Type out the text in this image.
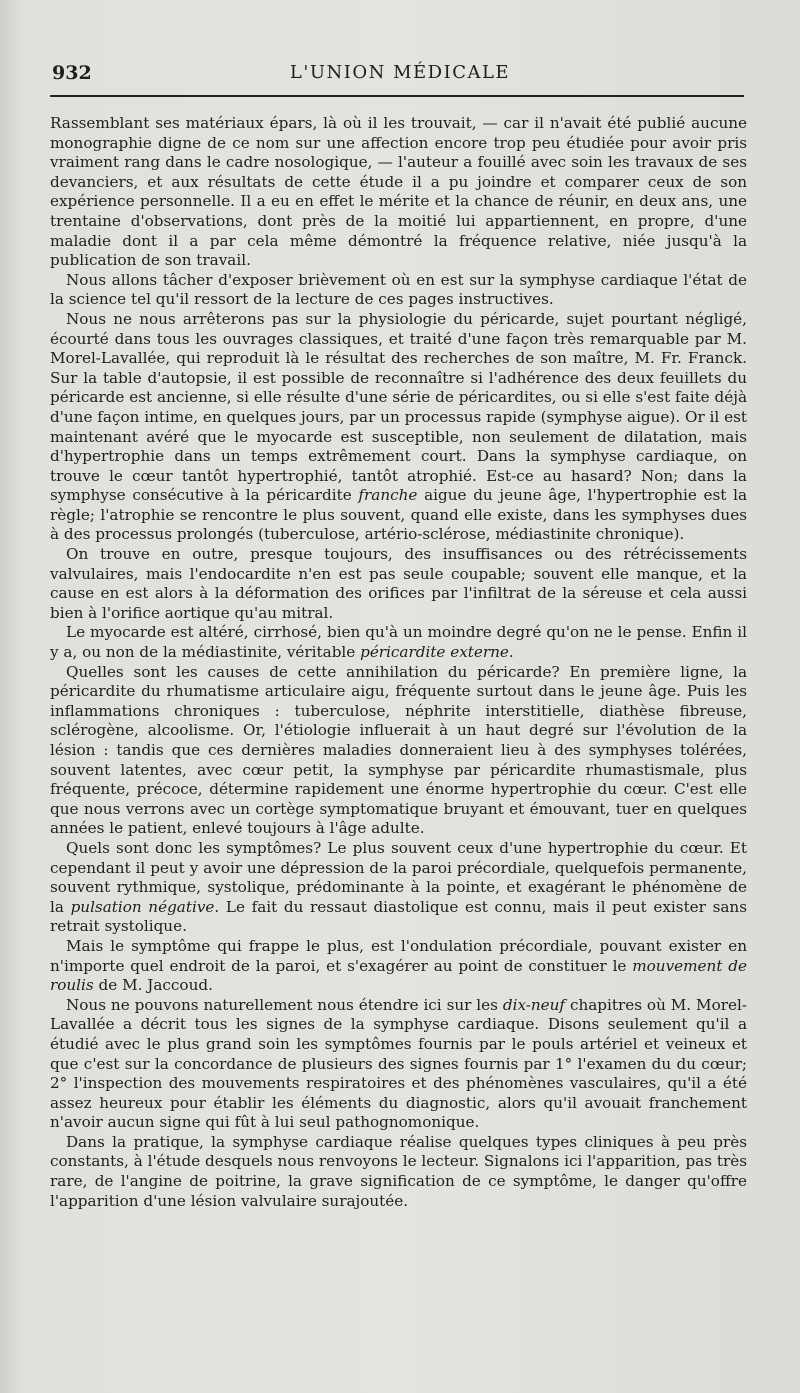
932	L'UNION MÉDICALE

Rassemblant ses matériaux épars, là où il les trouvait, — car il n'avait été publié aucune monographie digne de ce nom sur une affection encore trop peu étudiée pour avoir pris vraiment rang dans le cadre nosologique, — l'auteur a fouillé avec soin les travaux de ses devanciers, et aux résultats de cette étude il a pu joindre et comparer ceux de son expérience personnelle. Il a eu en effet le mérite et la chance de réunir, en deux ans, une trentaine d'observations, dont près de la moitié lui appartiennent, en propre, d'une maladie dont il a par cela même démontré la fréquence relative, niée jusqu'à la publication de son travail.

Nous allons tâcher d'exposer brièvement où en est sur la symphyse cardiaque l'état de la science tel qu'il ressort de la lecture de ces pages instructives.

Nous ne nous arrêterons pas sur la physiologie du péricarde, sujet pourtant négligé, écourté dans tous les ouvrages classiques, et traité d'une façon très remarquable par M. Morel-Lavallée, qui reproduit là le résultat des recherches de son maître, M. Fr. Franck. Sur la table d'autopsie, il est possible de reconnaître si l'adhérence des deux feuillets du péricarde est ancienne, si elle résulte d'une série de péricardites, ou si elle s'est faite déjà d'une façon intime, en quelques jours, par un processus rapide (symphyse aigue). Or il est maintenant avéré que le myocarde est susceptible, non seulement de dilatation, mais d'hypertrophie dans un temps extrêmement court. Dans la symphyse cardiaque, on trouve le cœur tantôt hypertrophié, tantôt atrophié. Est-ce au hasard? Non; dans la symphyse consécutive à la péricardite franche aigue du jeune âge, l'hypertrophie est la règle; l'atrophie se rencontre le plus souvent, quand elle existe, dans les symphyses dues à des processus prolongés (tuberculose, artério-sclérose, médiastinite chronique).

On trouve en outre, presque toujours, des insuffisances ou des rétrécissements valvulaires, mais l'endocardite n'en est pas seule coupable; souvent elle manque, et la cause en est alors à la déformation des orifices par l'infiltrat de la séreuse et cela aussi bien à l'orifice aortique qu'au mitral.

Le myocarde est altéré, cirrhosé, bien qu'à un moindre degré qu'on ne le pense. Enfin il y a, ou non de la médiastinite, véritable péricardite externe.

Quelles sont les causes de cette annihilation du péricarde? En première ligne, la péricardite du rhumatisme articulaire aigu, fréquente surtout dans le jeune âge. Puis les inflammations chroniques : tuberculose, néphrite interstitielle, diathèse fibreuse, sclérogène, alcoolisme. Or, l'étiologie influerait à un haut degré sur l'évolution de la lésion : tandis que ces dernières maladies donneraient lieu à des symphyses tolérées, souvent latentes, avec cœur petit, la symphyse par péricardite rhumastismale, plus fréquente, précoce, détermine rapidement une énorme hypertrophie du cœur. C'est elle que nous verrons avec un cortège symptomatique bruyant et émouvant, tuer en quelques années le patient, enlevé toujours à l'âge adulte.

Quels sont donc les symptômes? Le plus souvent ceux d'une hypertrophie du cœur. Et cependant il peut y avoir une dépression de la paroi précordiale, quelquefois permanente, souvent rythmique, systolique, prédominante à la pointe, et exagérant le phénomène de la pulsation négative. Le fait du ressaut diastolique est connu, mais il peut exister sans retrait systolique.

Mais le symptôme qui frappe le plus, est l'ondulation précordiale, pouvant exister en n'importe quel endroit de la paroi, et s'exagérer au point de constituer le mouvement de roulis de M. Jaccoud.

Nous ne pouvons naturellement nous étendre ici sur les dix-neuf chapitres où M. Morel-Lavallée a décrit tous les signes de la symphyse cardiaque. Disons seulement qu'il a étudié avec le plus grand soin les symptômes fournis par le pouls artériel et veineux et que c'est sur la concordance de plusieurs des signes fournis par 1° l'examen du du cœur; 2° l'inspection des mouvements respiratoires et des phénomènes vasculaires, qu'il a été assez heureux pour établir les éléments du diagnostic, alors qu'il avouait franchement n'avoir aucun signe qui fût à lui seul pathognomonique.

Dans la pratique, la symphyse cardiaque réalise quelques types cliniques à peu près constants, à l'étude desquels nous renvoyons le lecteur. Signalons ici l'apparition, pas très rare, de l'angine de poitrine, la grave signification de ce symptôme, le danger qu'offre l'apparition d'une lésion valvulaire surajoutée.
